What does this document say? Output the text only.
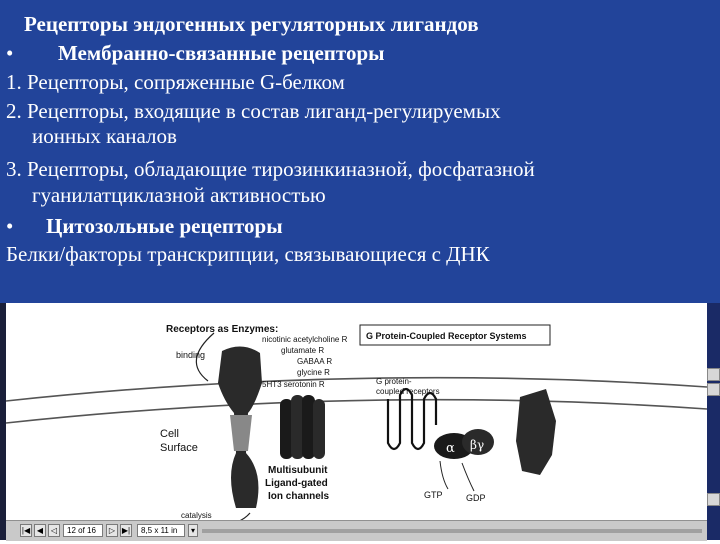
Рецепторы эндогенных регуляторных лигандов
• Мембранно-связанные рецепторы
1. Рецепторы, сопряженные G-белком
2. Рецепторы, входящие в состав лиганд-регулируемых
ионных каналов
3. Рецепторы, обладающие тирозинкиназной, фосфатазной
гуанилатциклазной активностью
• Цитозольные рецепторы
Белки/факторы транскрипции, связывающиеся с ДНК
Receptors as Enzymes:
binding
Cell
Surface
catalysis
nicotinic acetylcholine R
glutamate R
GABAA R
glycine R
5HT3 serotonin R
Multisubunit
Ligand-gated
Ion channels
G Protein-Coupled Receptor Systems
G protein-
coupled receptors
α βγ
GTP	GDP
|◀ ◀ ◁	12 of 16	▷ ▶|	8,5 x 11 in	▾
